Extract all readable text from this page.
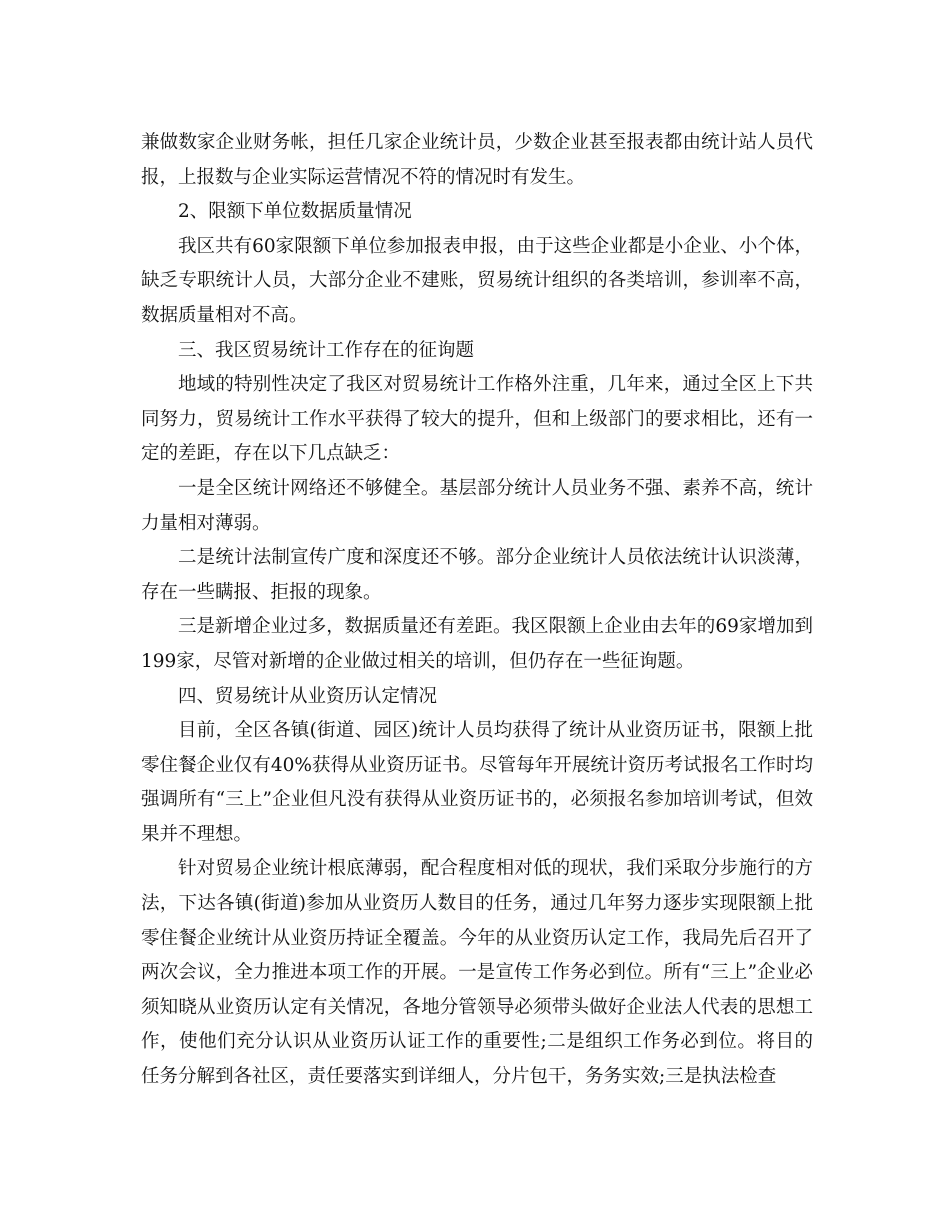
兼做数家企业财务帐，担任几家企业统计员，少数企业甚至报表都由统计站人员代报，上报数与企业实际运营情况不符的情况时有发生。

2、限额下单位数据质量情况

我区共有60家限额下单位参加报表申报，由于这些企业都是小企业、小个体，缺乏专职统计人员，大部分企业不建账，贸易统计组织的各类培训，参训率不高，数据质量相对不高。

三、我区贸易统计工作存在的征询题

地域的特别性决定了我区对贸易统计工作格外注重，几年来，通过全区上下共同努力，贸易统计工作水平获得了较大的提升，但和上级部门的要求相比，还有一定的差距，存在以下几点缺乏：

一是全区统计网络还不够健全。基层部分统计人员业务不强、素养不高，统计力量相对薄弱。

二是统计法制宣传广度和深度还不够。部分企业统计人员依法统计认识淡薄，存在一些瞒报、拒报的现象。

三是新增企业过多，数据质量还有差距。我区限额上企业由去年的69家增加到199家，尽管对新增的企业做过相关的培训，但仍存在一些征询题。

四、贸易统计从业资历认定情况

目前，全区各镇(街道、园区)统计人员均获得了统计从业资历证书，限额上批零住餐企业仅有40%获得从业资历证书。尽管每年开展统计资历考试报名工作时均强调所有“三上”企业但凡没有获得从业资历证书的，必须报名参加培训考试，但效果并不理想。

针对贸易企业统计根底薄弱，配合程度相对低的现状，我们采取分步施行的方法，下达各镇(街道)参加从业资历人数目的任务，通过几年努力逐步实现限额上批零住餐企业统计从业资历持证全覆盖。今年的从业资历认定工作，我局先后召开了两次会议，全力推进本项工作的开展。一是宣传工作务必到位。所有“三上”企业必须知晓从业资历认定有关情况，各地分管领导必须带头做好企业法人代表的思想工作，使他们充分认识从业资历认证工作的重要性;二是组织工作务必到位。将目的任务分解到各社区，责任要落实到详细人，分片包干，务务实效;三是执法检查
